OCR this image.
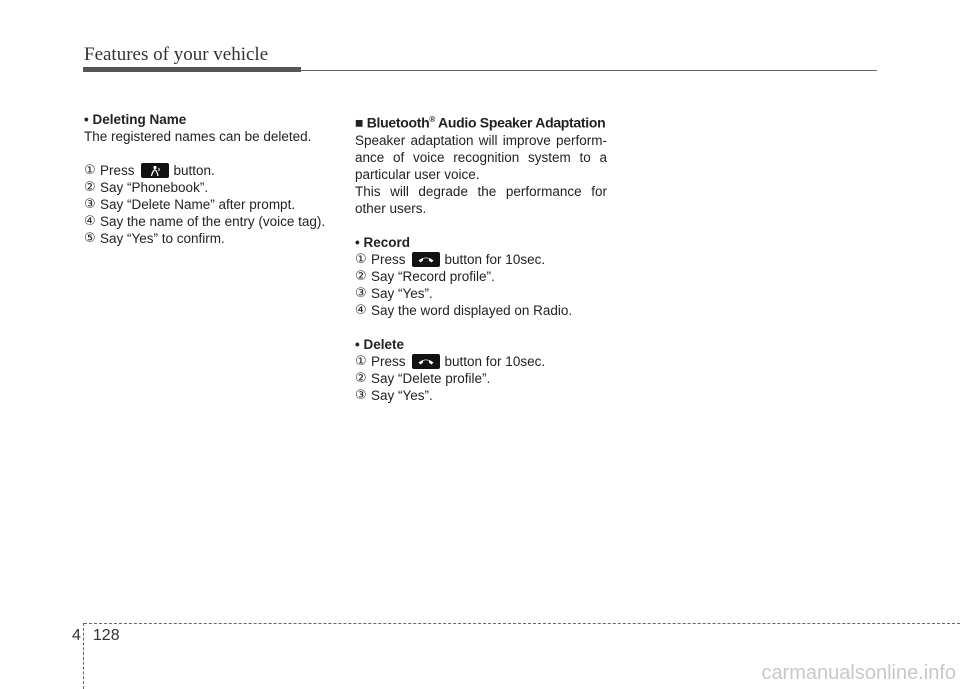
Features of your vehicle

• Deleting Name

The registered names can be deleted.

① Press	button.

② Say “Phonebook”.

③ Say “Delete Name” after prompt.

④ Say the name of the entry (voice tag).

⑤ Say “Yes” to confirm.

■ Bluetooth® Audio Speaker Adaptation

Speaker adaptation will improve perform- ance of voice recognition system to a particular user voice.

This will degrade the performance for other users.

• Record

① Press	button for 10sec.

② Say “Record profile”.

③ Say “Yes”.

④ Say the word displayed on Radio.

• Delete

① Press	button for 10sec.

② Say “Delete profile”.

③ Say “Yes”.

4 128
carmanualsonline.info
